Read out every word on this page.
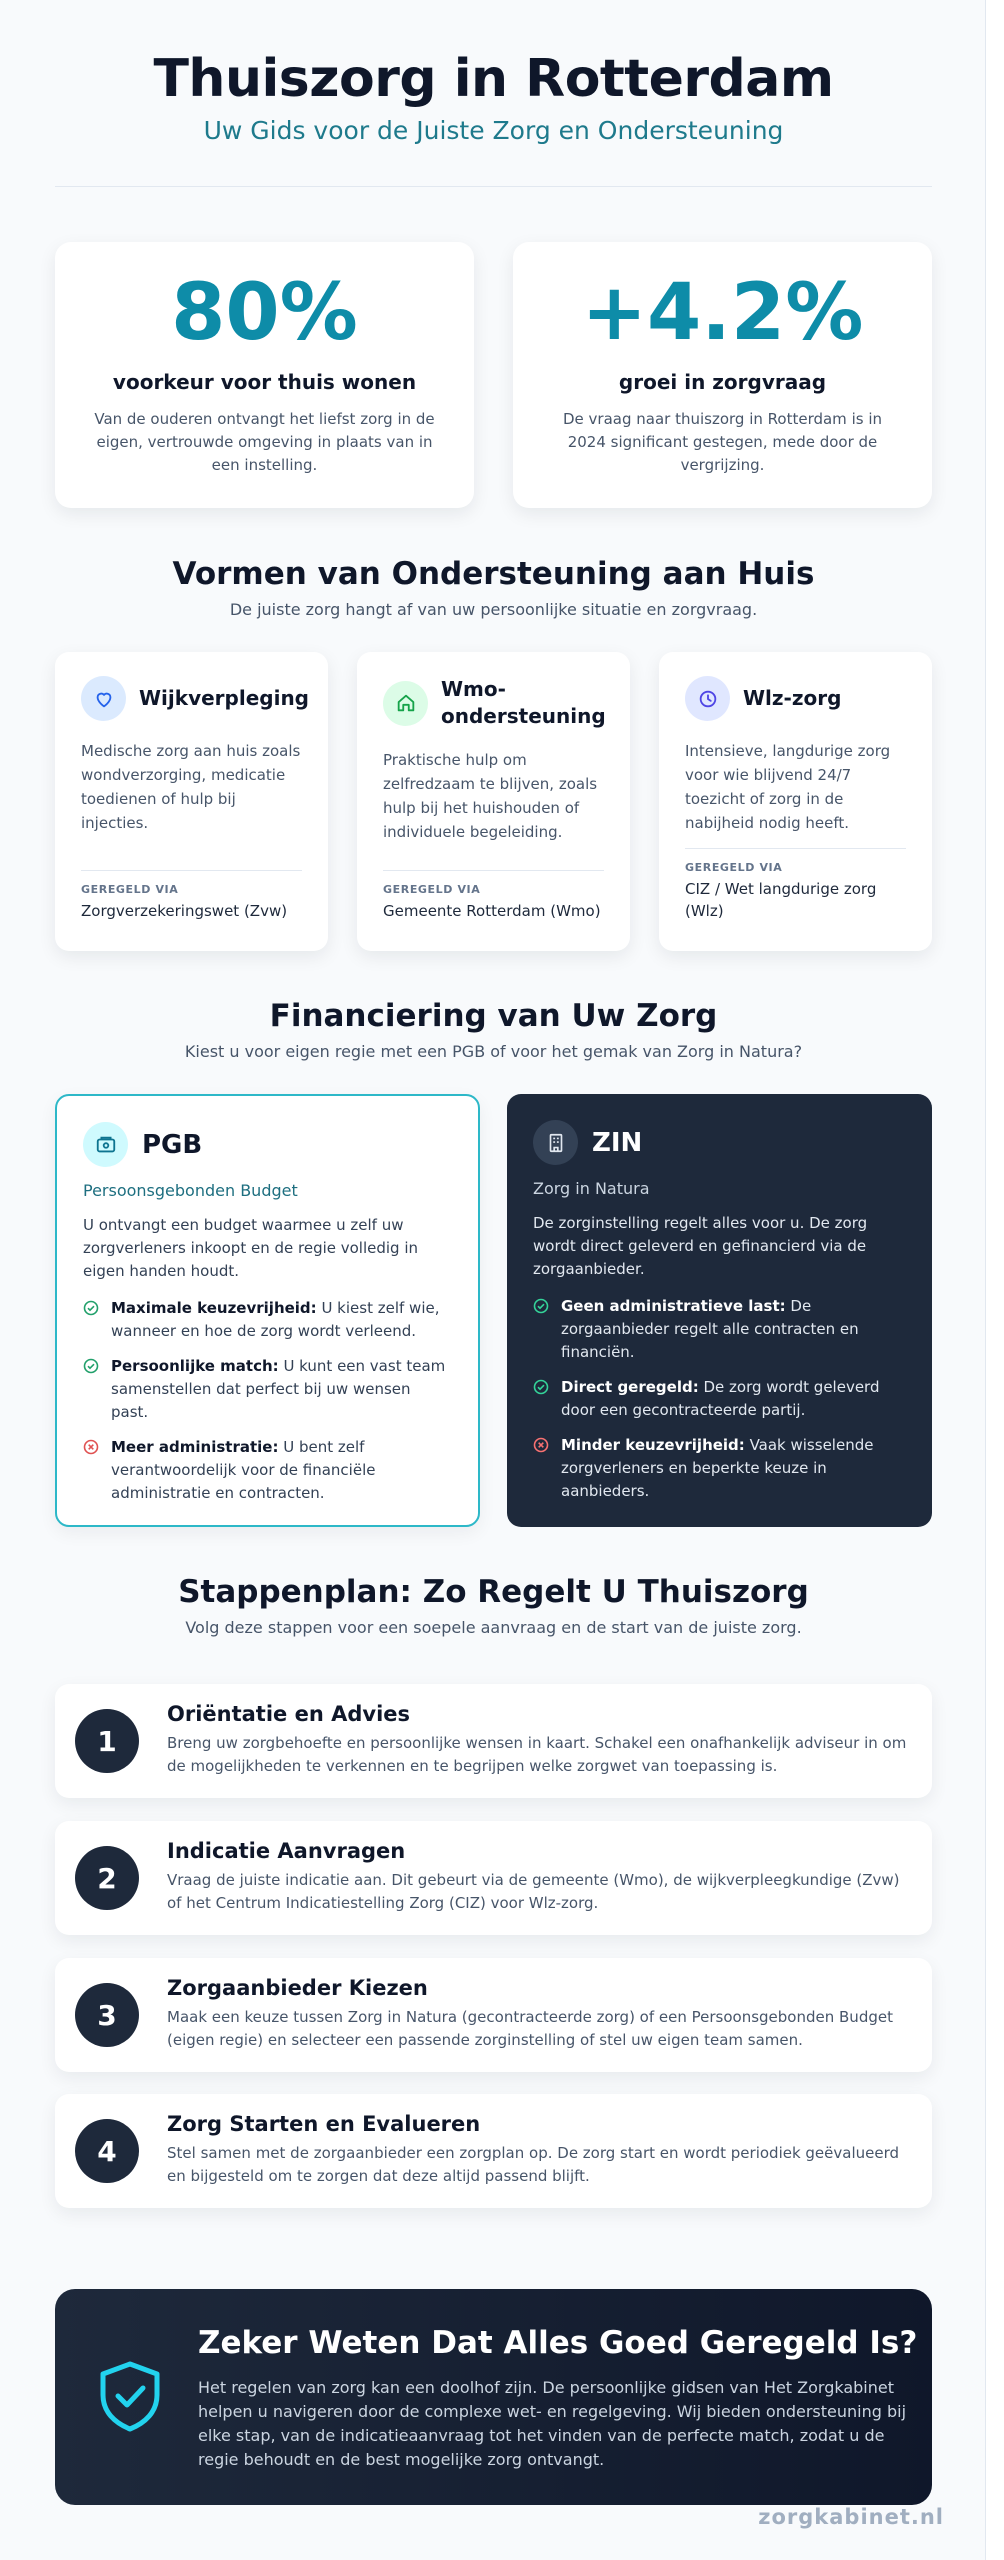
Thuiszorg in Rotterdam
Uw Gids voor de Juiste Zorg en Ondersteuning
80%
voorkeur voor thuis wonen
Van de ouderen ontvangt het liefst zorg in de eigen, vertrouwde omgeving in plaats van in een instelling.
+4.2%
groei in zorgvraag
De vraag naar thuiszorg in Rotterdam is in 2024 significant gestegen, mede door de vergrijzing.
Vormen van Ondersteuning aan Huis

De juiste zorg hangt af van uw persoonlijke situatie en zorgvraag.

Wijkverpleging
Medische zorg aan huis zoals wondverzorging, medicatie toedienen of hulp bij injecties.
GEREGELD VIA
Zorgverzekeringswet (Zvw)
Wmo-ondersteuning
Praktische hulp om zelfredzaam te blijven, zoals hulp bij het huishouden of individuele begeleiding.
GEREGELD VIA
Gemeente Rotterdam (Wmo)
Wlz-zorg
Intensieve, langdurige zorg voor wie blijvend 24/7 toezicht of zorg in de nabijheid nodig heeft.
GEREGELD VIA
CIZ / Wet langdurige zorg (Wlz)
Financiering van Uw Zorg

Kiest u voor eigen regie met een PGB of voor het gemak van Zorg in Natura?

PGB
Persoonsgebonden Budget
U ontvangt een budget waarmee u zelf uw zorgverleners inkoopt en de regie volledig in eigen handen houdt.
Maximale keuzevrijheid: U kiest zelf wie, wanneer en hoe de zorg wordt verleend.
Persoonlijke match: U kunt een vast team samenstellen dat perfect bij uw wensen past.
Meer administratie: U bent zelf verantwoordelijk voor de financiële administratie en contracten.
ZIN
Zorg in Natura
De zorginstelling regelt alles voor u. De zorg wordt direct geleverd en gefinancierd via de zorgaanbieder.
Geen administratieve last: De zorgaanbieder regelt alle contracten en financiën.
Direct geregeld: De zorg wordt geleverd door een gecontracteerde partij.
Minder keuzevrijheid: Vaak wisselende zorgverleners en beperkte keuze in aanbieders.
Stappenplan: Zo Regelt U Thuiszorg

Volg deze stappen voor een soepele aanvraag en de start van de juiste zorg.

1
Oriëntatie en Advies

Breng uw zorgbehoefte en persoonlijke wensen in kaart. Schakel een onafhankelijk adviseur in om de mogelijkheden te verkennen en te begrijpen welke zorgwet van toepassing is.

2
Indicatie Aanvragen

Vraag de juiste indicatie aan. Dit gebeurt via de gemeente (Wmo), de wijkverpleegkundige (Zvw) of het Centrum Indicatiestelling Zorg (CIZ) voor Wlz-zorg.

3
Zorgaanbieder Kiezen

Maak een keuze tussen Zorg in Natura (gecontracteerde zorg) of een Persoonsgebonden Budget (eigen regie) en selecteer een passende zorginstelling of stel uw eigen team samen.

4
Zorg Starten en Evalueren

Stel samen met de zorgaanbieder een zorgplan op. De zorg start en wordt periodiek geëvalueerd en bijgesteld om te zorgen dat deze altijd passend blijft.

Zeker Weten Dat Alles Goed Geregeld Is?

Het regelen van zorg kan een doolhof zijn. De persoonlijke gidsen van Het Zorgkabinet helpen u navigeren door de complexe wet- en regelgeving. Wij bieden ondersteuning bij elke stap, van de indicatieaanvraag tot het vinden van de perfecte match, zodat u de regie behoudt en de best mogelijke zorg ontvangt.

zorgkabinet.nl
